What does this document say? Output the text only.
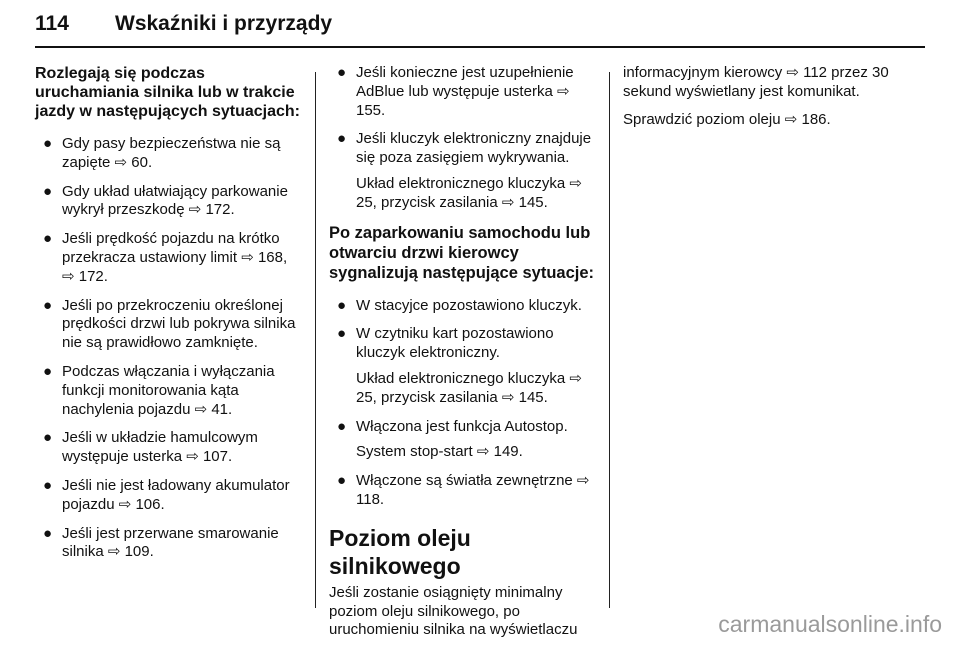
114 Wskaźniki i przyrządy
Rozlegają się podczas uruchamiania silnika lub w trakcie jazdy w następujących sytuacjach:
● Gdy pasy bezpieczeństwa nie są zapięte ⇨ 60.
● Gdy układ ułatwiający parkowanie wykrył przeszkodę ⇨ 172.
● Jeśli prędkość pojazdu na krótko przekracza ustawiony limit ⇨ 168, ⇨ 172.
● Jeśli po przekroczeniu określonej prędkości drzwi lub pokrywa silnika nie są prawidłowo zamknięte.
● Podczas włączania i wyłączania funkcji monitorowania kąta nachylenia pojazdu ⇨ 41.
● Jeśli w układzie hamulcowym występuje usterka ⇨ 107.
● Jeśli nie jest ładowany akumulator pojazdu ⇨ 106.
● Jeśli jest przerwane smarowanie silnika ⇨ 109.
● Jeśli konieczne jest uzupełnienie AdBlue lub występuje usterka ⇨ 155.
● Jeśli kluczyk elektroniczny znajduje się poza zasięgiem wykrywania.
Układ elektronicznego kluczyka ⇨ 25, przycisk zasilania ⇨ 145.
Po zaparkowaniu samochodu lub otwarciu drzwi kierowcy sygnalizują następujące sytuacje:
● W stacyjce pozostawiono kluczyk.
● W czytniku kart pozostawiono kluczyk elektroniczny.
Układ elektronicznego kluczyka ⇨ 25, przycisk zasilania ⇨ 145.
● Włączona jest funkcja Autostop.
System stop-start ⇨ 149.
● Włączone są światła zewnętrzne ⇨ 118.
Poziom oleju silnikowego

Jeśli zostanie osiągnięty minimalny poziom oleju silnikowego, po uruchomieniu silnika na wyświetlaczu

informacyjnym kierowcy ⇨ 112 przez 30 sekund wyświetlany jest komunikat.

Sprawdzić poziom oleju ⇨ 186.

carmanualsonline.info
